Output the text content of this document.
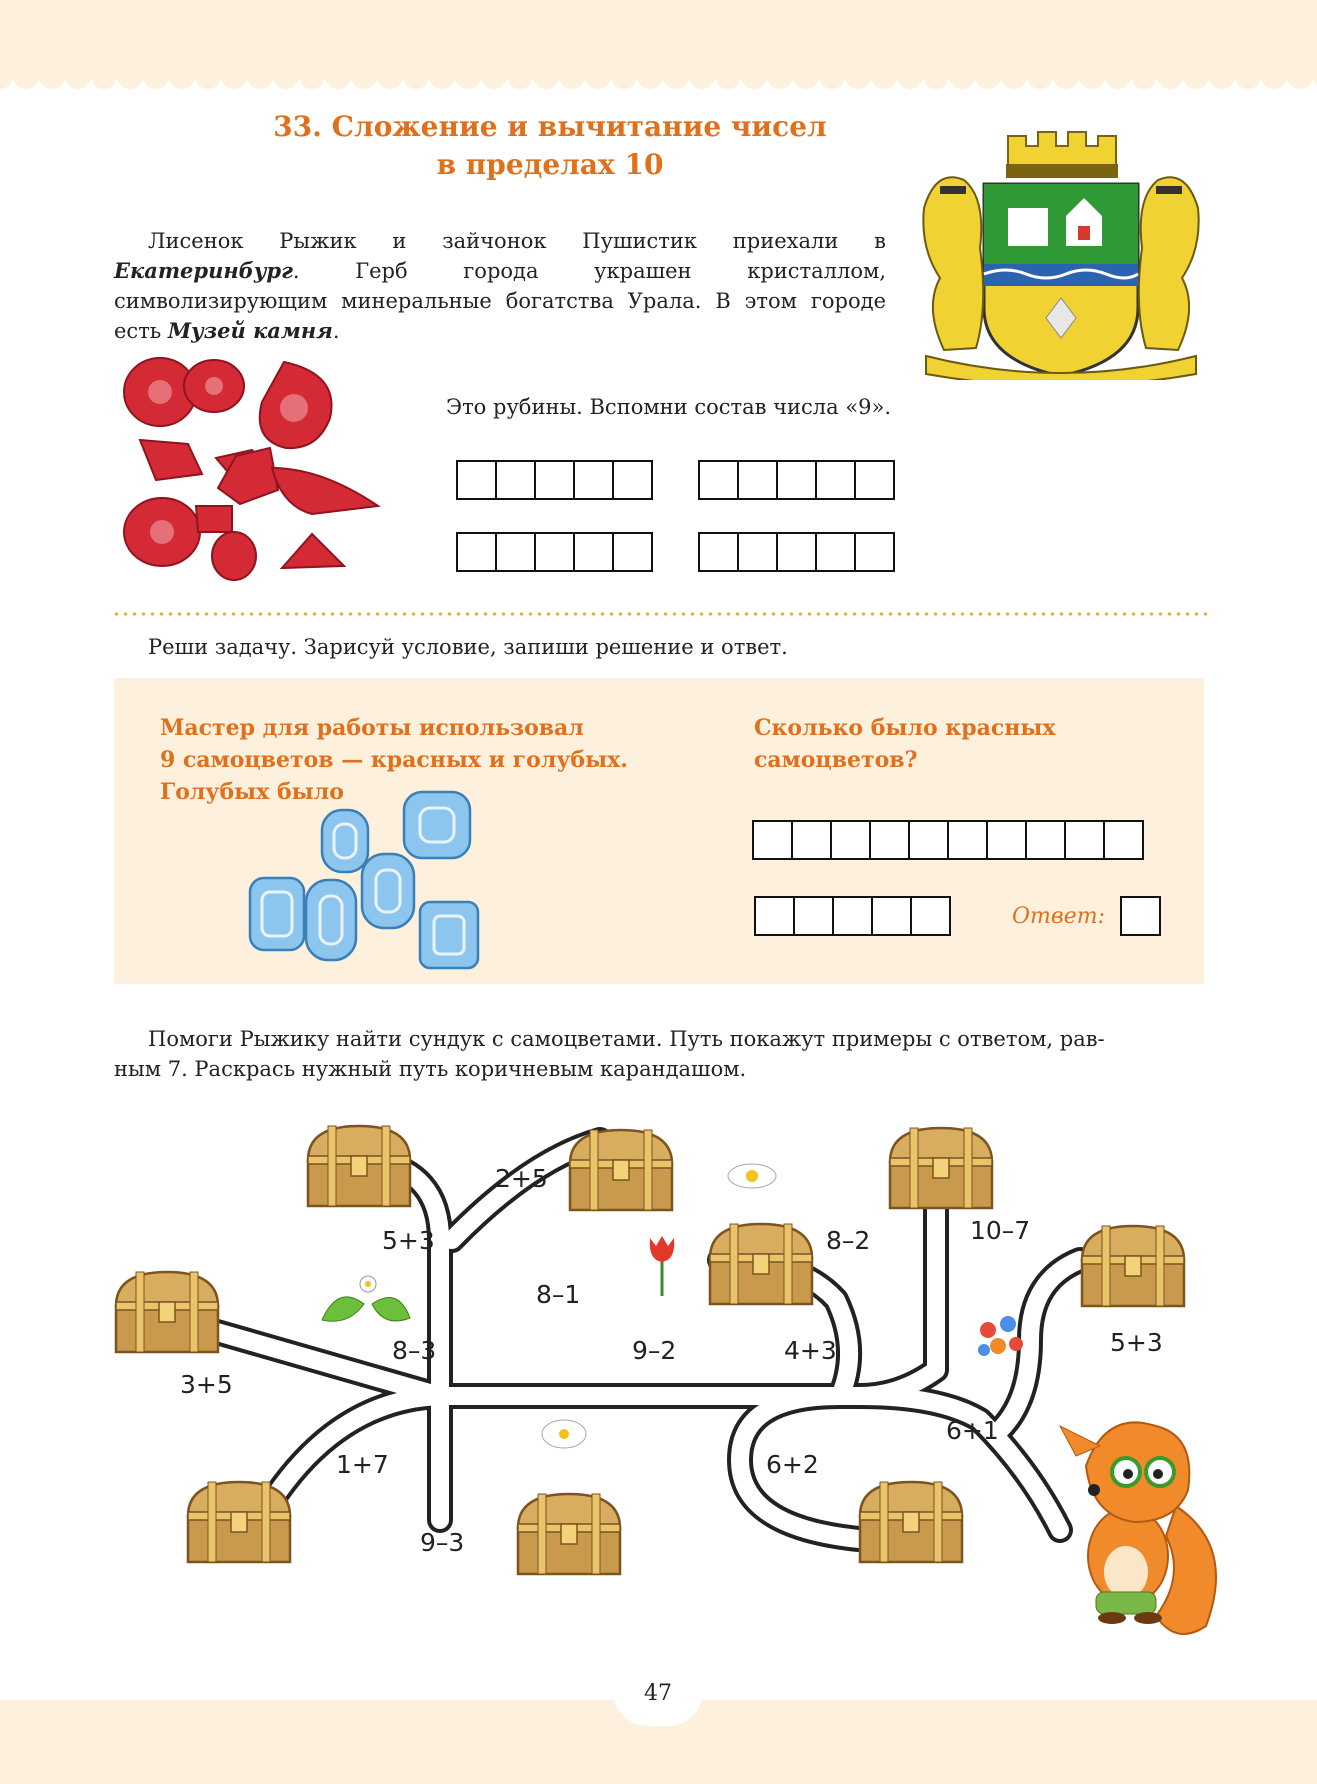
33. Сложение и вычитание чисел
в пределах 10
Лисенок Рыжик и зайчонок Пушистик приехали в Екатеринбург. Герб города украшен кристаллом, символизирующим минеральные богатства Урала. В этом городе есть Музей камня.
Это рубины. Вспомни состав числа «9».
Реши задачу. Зарисуй условие, запиши решение и ответ.
Мастер для работы использовал
9 самоцветов — красных и голубых.
Голубых было
Сколько было красных
самоцветов?
Ответ:
Помоги Рыжику найти сундук с самоцветами. Путь покажут примеры с ответом, рав-
ным 7. Раскрась нужный путь коричневым карандашом.
2+5
5+3	8–2	10–7
8–1
8–3	9–2	4+3
3+5
5+3
6+1
1+7	6+2
9–3
47
